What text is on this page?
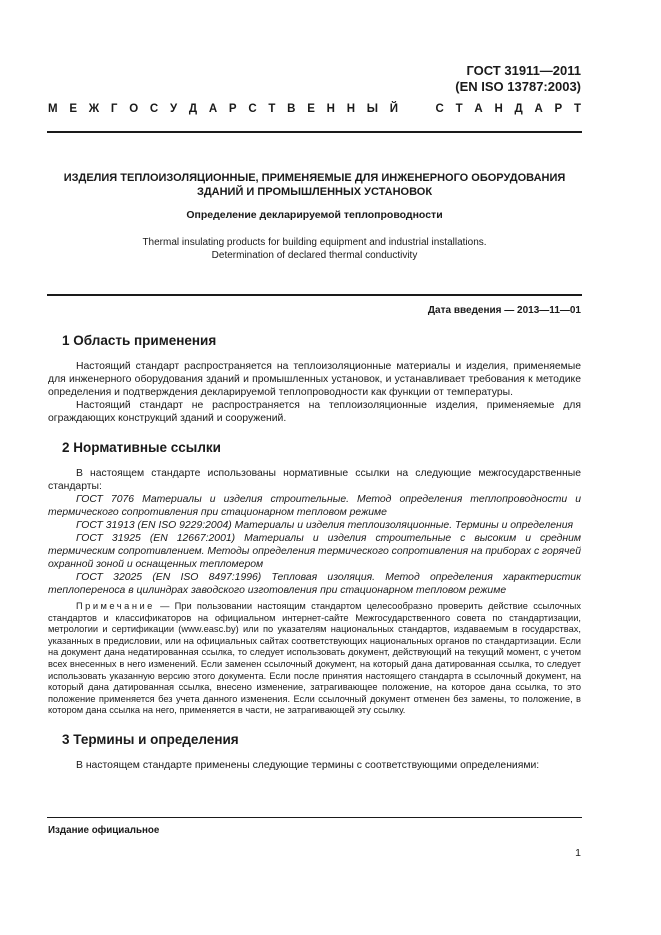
ГОСТ 31911—2011
(EN ISO 13787:2003)
М Е Ж Г О С У Д А Р С Т В Е Н Н Ы Й	С Т А Н Д А Р Т
ИЗДЕЛИЯ ТЕПЛОИЗОЛЯЦИОННЫЕ, ПРИМЕНЯЕМЫЕ ДЛЯ ИНЖЕНЕРНОГО ОБОРУДОВАНИЯ
ЗДАНИЙ И ПРОМЫШЛЕННЫХ УСТАНОВОК
Определение декларируемой теплопроводности
Thermal insulating products for building equipment and industrial installations.
Determination of declared thermal conductivity
Дата введения — 2013—11—01
1 Область применения

Настоящий стандарт распространяется на теплоизоляционные материалы и изделия, применяемые для инженерного оборудования зданий и промышленных установок, и устанавливает требования к методике определения и подтверждения декларируемой теплопроводности как функции от температуры.

Настоящий стандарт не распространяется на теплоизоляционные изделия, применяемые для ограждающих конструкций зданий и сооружений.

2 Нормативные ссылки

В настоящем стандарте использованы нормативные ссылки на следующие межгосударственные стандарты:

ГОСТ 7076 Материалы и изделия строительные. Метод определения теплопроводности и термического сопротивления при стационарном тепловом режиме

ГОСТ 31913 (EN ISO 9229:2004) Материалы и изделия теплоизоляционные. Термины и определения

ГОСТ 31925 (EN 12667:2001) Материалы и изделия строительные с высоким и средним термическим сопротивлением. Методы определения термического сопротивления на приборах с горячей охранной зоной и оснащенных тепломером

ГОСТ 32025 (EN ISO 8497:1996) Тепловая изоляция. Метод определения характеристик теплопереноса в цилиндрах заводского изготовления при стационарном тепловом режиме

Примечание — При пользовании настоящим стандартом целесообразно проверить действие ссылочных стандартов и классификаторов на официальном интернет-сайте Межгосударственного совета по стандартизации, метрологии и сертификации (www.easc.by) или по указателям национальных стандартов, издаваемым в государствах, указанных в предисловии, или на официальных сайтах соответствующих национальных органов по стандартизации. Если на документ дана недатированная ссылка, то следует использовать документ, действующий на текущий момент, с учетом всех внесенных в него изменений. Если заменен ссылочный документ, на который дана датированная ссылка, то следует использовать указанную версию этого документа. Если после принятия настоящего стандарта в ссылочный документ, на который дана датированная ссылка, внесено изменение, затрагивающее положение, на которое дана ссылка, то это положение применяется без учета данного изменения. Если ссылочный документ отменен без замены, то положение, в котором дана ссылка на него, применяется в части, не затрагивающей эту ссылку.

3 Термины и определения

В настоящем стандарте применены следующие термины с соответствующими определениями:

Издание официальное
1
